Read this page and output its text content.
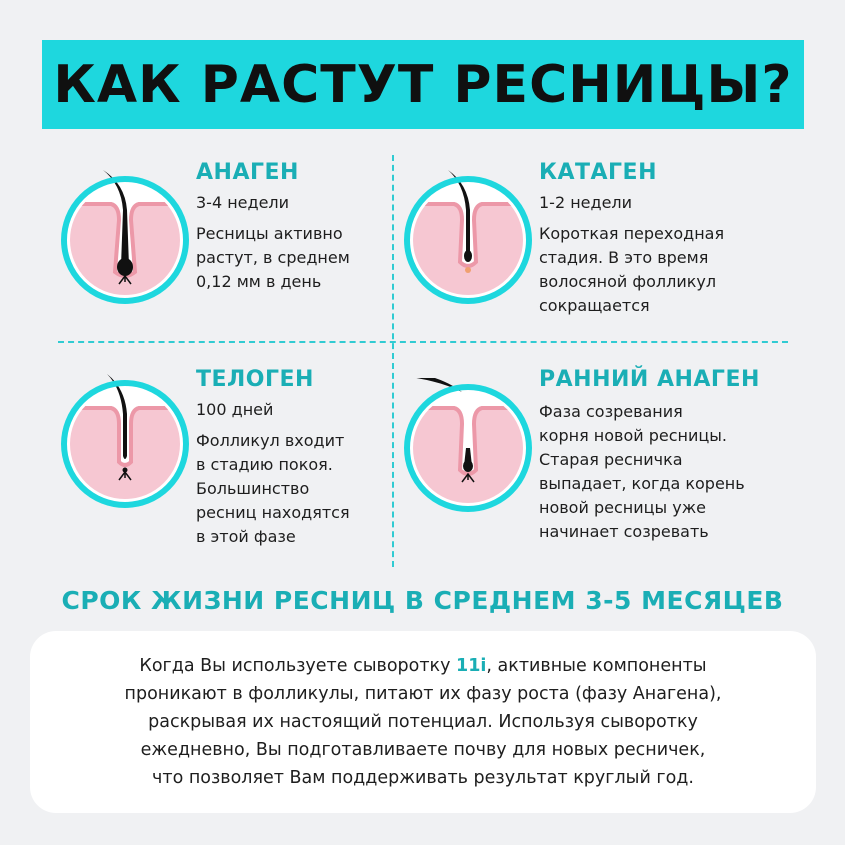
КАК РАСТУТ РЕСНИЦЫ?

АНАГЕН

3-4 недели

Ресницы активно
растут, в среднем
0,12 мм в день

КАТАГЕН

1-2 недели

Короткая переходная
стадия. В это время
волосяной фолликул
сокращается

ТЕЛОГЕН

100 дней

Фолликул входит
в стадию покоя.
Большинство
ресниц находятся
в этой фазе

РАННИЙ АНАГЕН

Фаза созревания
корня новой ресницы.
Старая ресничка
выпадает, когда корень
новой ресницы уже
начинает созревать

СРОК ЖИЗНИ РЕСНИЦ В СРЕДНЕМ 3-5 МЕСЯЦЕВ
Когда Вы используете сыворотку 11i, активные компоненты
проникают в фолликулы, питают их фазу роста (фазу Анагена),
раскрывая их настоящий потенциал. Используя сыворотку
ежедневно, Вы подготавливаете почву для новых ресничек,
что позволяет Вам поддерживать результат круглый год.
